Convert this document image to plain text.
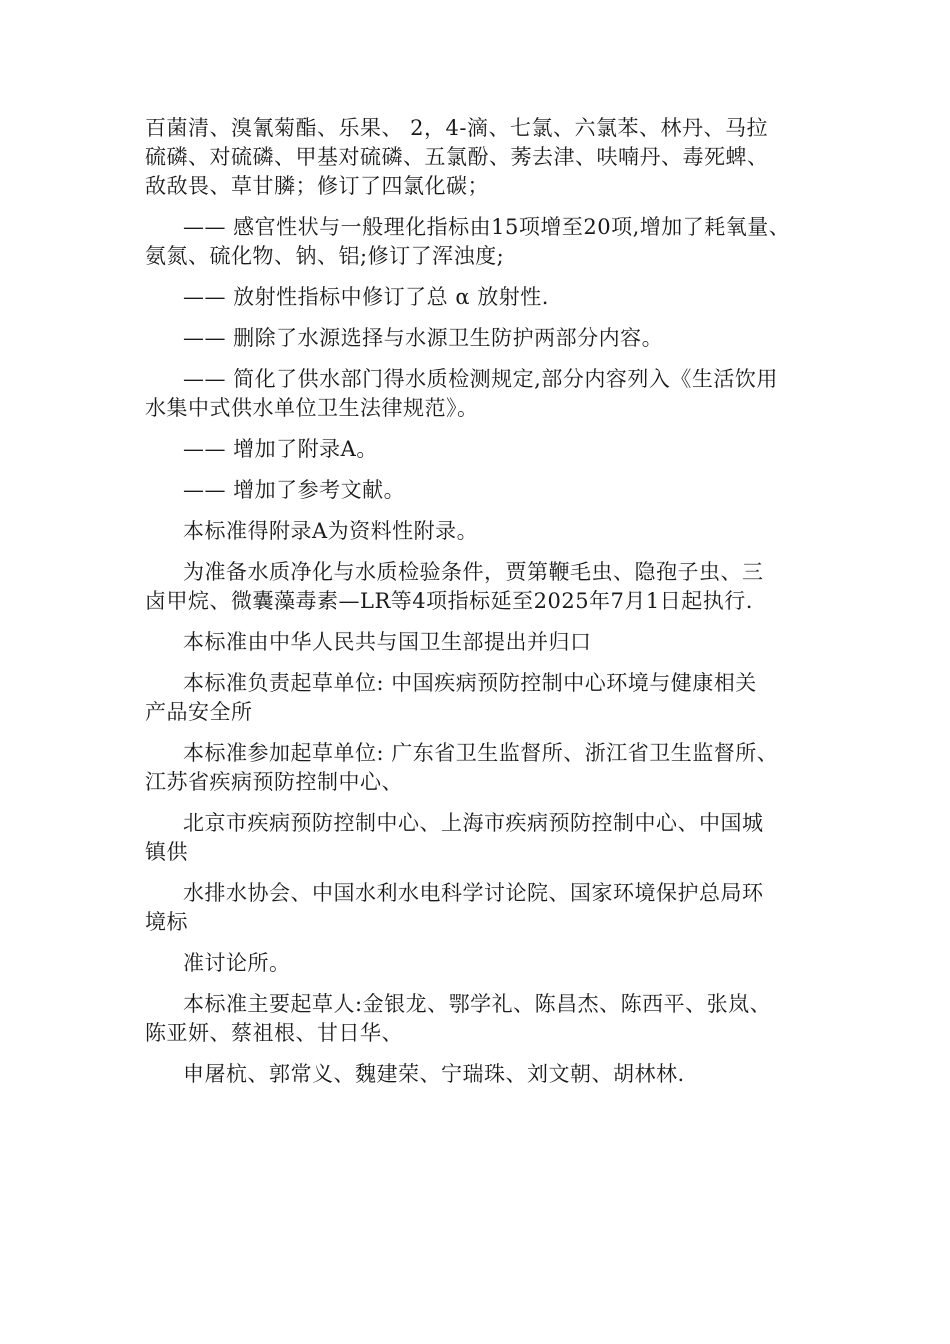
百菌清、溴氰菊酯、乐果、 2，4-滴、七氯、六氯苯、林丹、马拉
硫磷、对硫磷、甲基对硫磷、五氯酚、莠去津、呋喃丹、毒死蜱、
敌敌畏、草甘膦；修订了四氯化碳；

—— 感官性状与一般理化指标由15项增至20项,增加了耗氧量、
氨氮、硫化物、钠、铝;修订了浑浊度;

—— 放射性指标中修订了总 α 放射性.

—— 删除了水源选择与水源卫生防护两部分内容。

—— 简化了供水部门得水质检测规定,部分内容列入《生活饮用
水集中式供水单位卫生法律规范》。

—— 增加了附录A。

—— 增加了参考文献。

本标准得附录A为资料性附录。

为准备水质净化与水质检验条件，贾第鞭毛虫、隐孢子虫、三
卤甲烷、微囊藻毒素—LR等4项指标延至2025年7月1日起执行.

本标准由中华人民共与国卫生部提出并归口

本标准负责起草单位: 中国疾病预防控制中心环境与健康相关
产品安全所

本标准参加起草单位: 广东省卫生监督所、浙江省卫生监督所、
江苏省疾病预防控制中心、

北京市疾病预防控制中心、上海市疾病预防控制中心、中国城
镇供

水排水协会、中国水利水电科学讨论院、国家环境保护总局环
境标

准讨论所。

本标准主要起草人:金银龙、鄂学礼、陈昌杰、陈西平、张岚、
陈亚妍、蔡祖根、甘日华、

申屠杭、郭常义、魏建荣、宁瑞珠、刘文朝、胡林林.
